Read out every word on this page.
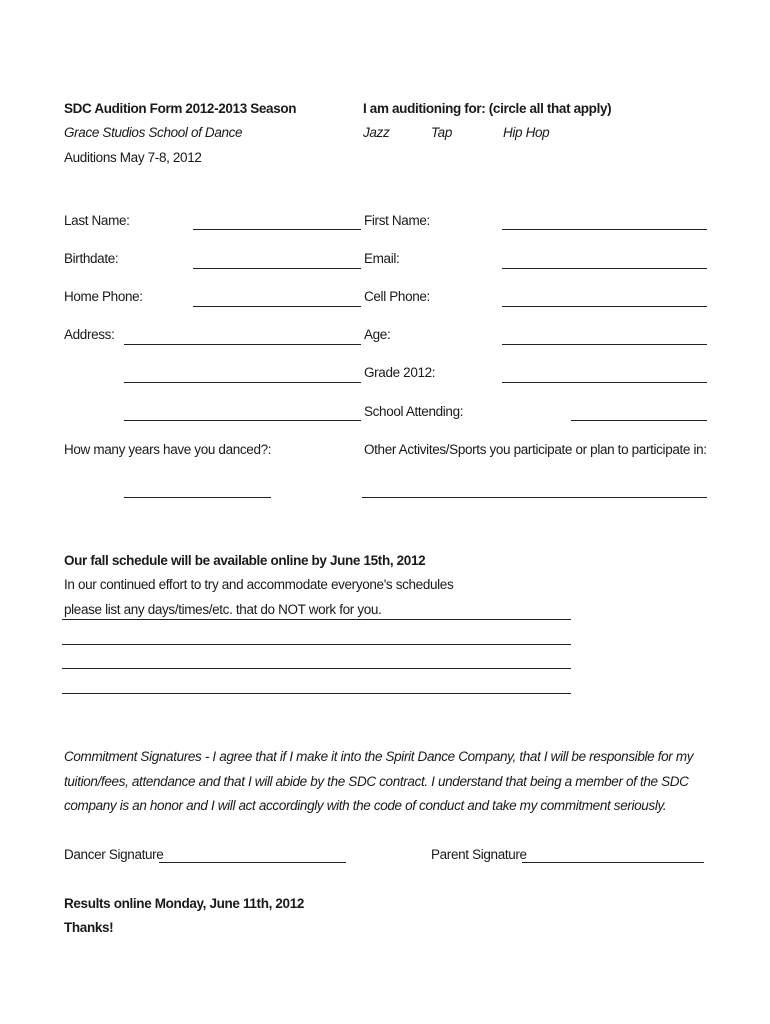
SDC Audition Form 2012-2013 Season
Grace Studios School of Dance
Auditions May 7-8, 2012
I am auditioning for: (circle all that apply)
Jazz	Tap	Hip Hop
Last Name:	First Name:
Birthdate:	Email:
Home Phone:	Cell Phone:
Address:	Age:
Grade 2012:
School Attending:
How many years have you danced?:	Other Activites/Sports you participate or plan to participate in:
Our fall schedule will be available online by June 15th, 2012
In our continued effort to try and accommodate everyone's schedules
please list any days/times/etc. that do NOT work for you.
Commitment Signatures - I agree that if I make it into the Spirit Dance Company, that I will be responsible for my
tuition/fees, attendance and that I will abide by the SDC contract. I understand that being a member of the SDC
company is an honor and I will act accordingly with the code of conduct and take my commitment seriously.
Dancer Signature	Parent Signature
Results online Monday, June 11th, 2012
Thanks!
